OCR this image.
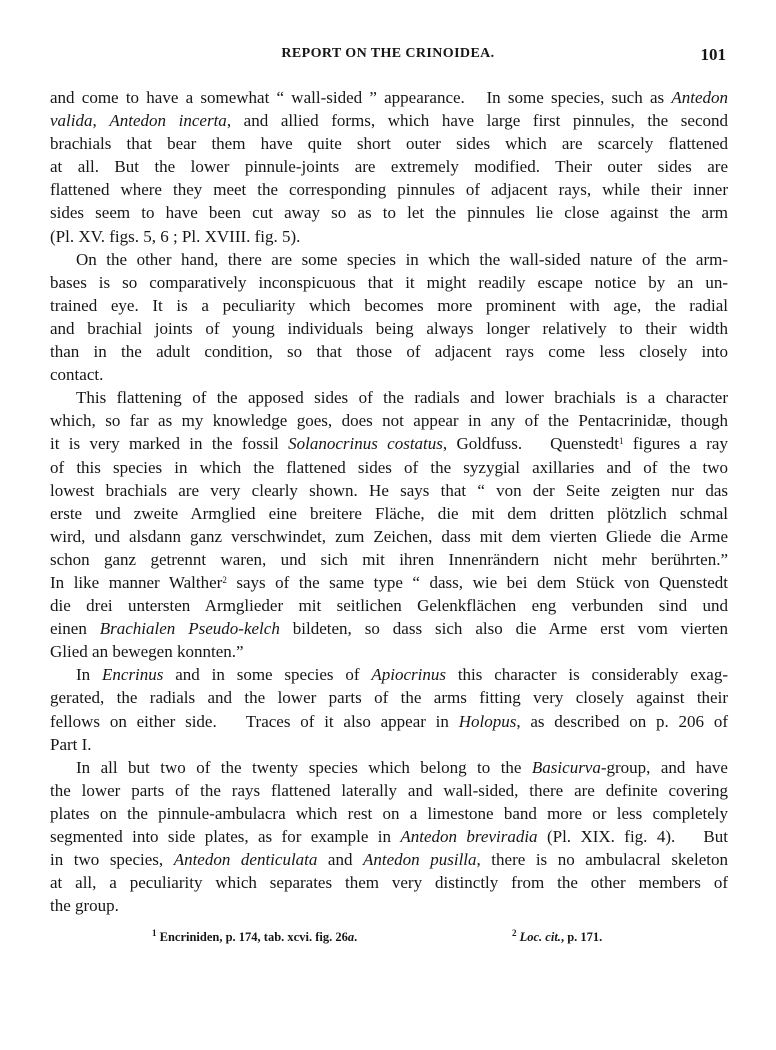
REPORT ON THE CRINOIDEA.	101
and come to have a somewhat “ wall-sided ” appearance.   In some species, such as Antedon
valida, Antedon incerta, and allied forms, which have large first pinnules, the second
brachials that bear them have quite short outer sides which are scarcely flattened
at all. But the lower pinnule-joints are extremely modified. Their outer sides are
flattened where they meet the corresponding pinnules of adjacent rays, while their inner
sides seem to have been cut away so as to let the pinnules lie close against the arm
(Pl. XV. figs. 5, 6 ; Pl. XVIII. fig. 5).
On the other hand, there are some species in which the wall-sided nature of the arm-
bases is so comparatively inconspicuous that it might readily escape notice by an un-
trained eye. It is a peculiarity which becomes more prominent with age, the radial
and brachial joints of young individuals being always longer relatively to their width
than in the adult condition, so that those of adjacent rays come less closely into
contact.
This flattening of the apposed sides of the radials and lower brachials is a character
which, so far as my knowledge goes, does not appear in any of the Pentacrinidæ, though
it is very marked in the fossil Solanocrinus costatus, Goldfuss.   Quenstedt$^1$ figures a ray
of this species in which the flattened sides of the syzygial axillaries and of the two
lowest brachials are very clearly shown. He says that “ von der Seite zeigten nur das
erste und zweite Armglied eine breitere Fläche, die mit dem dritten plötzlich schmal
wird, und alsdann ganz verschwindet, zum Zeichen, dass mit dem vierten Gliede die Arme
schon ganz getrennt waren, und sich mit ihren Innenrändern nicht mehr berührten.”
In like manner Walther$^2$ says of the same type “ dass, wie bei dem Stück von Quenstedt
die drei untersten Armglieder mit seitlichen Gelenkflächen eng verbunden sind und
einen Brachialen Pseudo-kelch bildeten, so dass sich also die Arme erst vom vierten
Glied an bewegen konnten.”
In Encrinus and in some species of Apiocrinus this character is considerably exag-
gerated, the radials and the lower parts of the arms fitting very closely against their
fellows on either side.   Traces of it also appear in Holopus, as described on p. 206 of
Part I.
In all but two of the twenty species which belong to the Basicurva-group, and have
the lower parts of the rays flattened laterally and wall-sided, there are definite covering
plates on the pinnule-ambulacra which rest on a limestone band more or less completely
segmented into side plates, as for example in Antedon breviradia (Pl. XIX. fig. 4).   But
in two species, Antedon denticulata and Antedon pusilla, there is no ambulacral skeleton
at all, a peculiarity which separates them very distinctly from the other members of
the group.
$^1$ Encriniden, p. 174, tab. xcvi. fig. 26a.	$^2$ Loc. cit., p. 171.
